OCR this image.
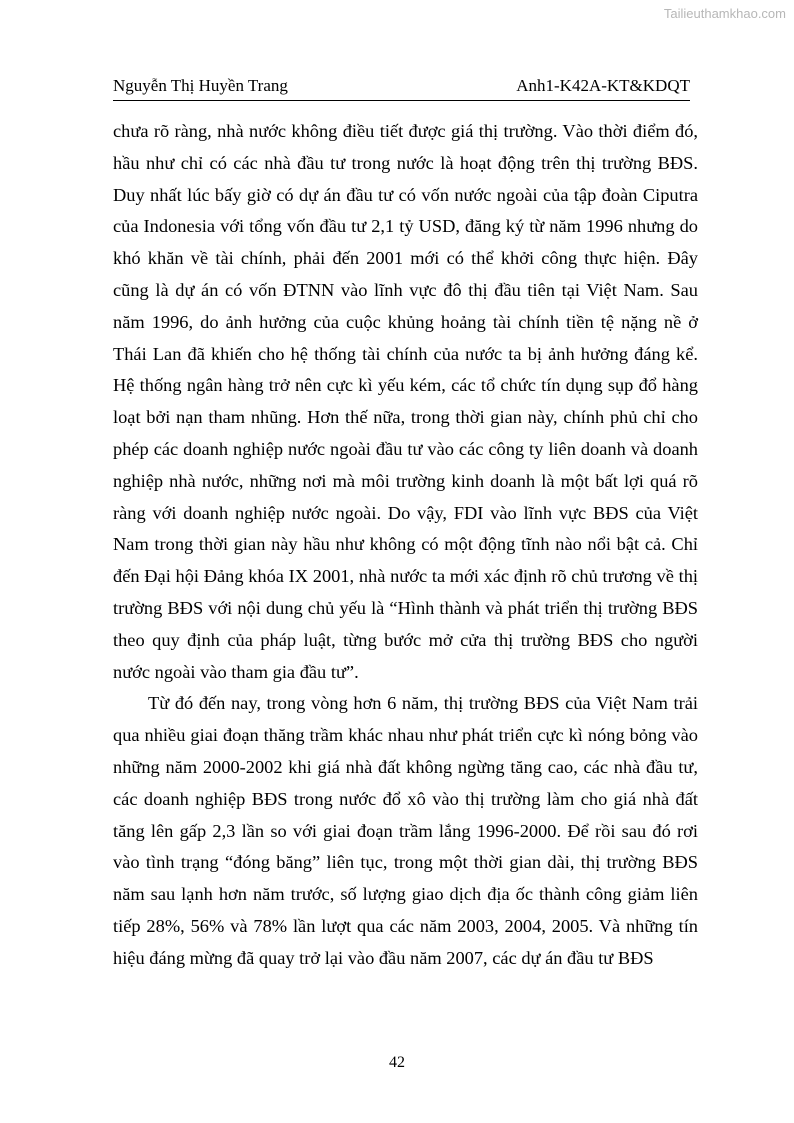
Tailieuthamkhao.com
Nguyễn Thị Huyền Trang	Anh1-K42A-KT&KDQT

chưa rõ ràng, nhà nước không điều tiết được giá thị trường. Vào thời điểm đó, hầu như chỉ có các nhà đầu tư trong nước là hoạt động trên thị trường BĐS. Duy nhất lúc bấy giờ có dự án đầu tư có vốn nước ngoài của tập đoàn Ciputra của Indonesia với tổng vốn đầu tư 2,1 tỷ USD, đăng ký từ năm 1996 nhưng do khó khăn về tài chính, phải đến 2001 mới có thể khởi công thực hiện. Đây cũng là dự án có vốn ĐTNN vào lĩnh vực đô thị đầu tiên tại Việt Nam. Sau năm 1996, do ảnh hưởng của cuộc khủng hoảng tài chính tiền tệ nặng nề ở Thái Lan đã khiến cho hệ thống tài chính của nước ta bị ảnh hưởng đáng kể. Hệ thống ngân hàng trở nên cực kì yếu kém, các tổ chức tín dụng sụp đổ hàng loạt bởi nạn tham nhũng. Hơn thế nữa, trong thời gian này, chính phủ chỉ cho phép các doanh nghiệp nước ngoài đầu tư vào các công ty liên doanh và doanh nghiệp nhà nước, những nơi mà môi trường kinh doanh là một bất lợi quá rõ ràng với doanh nghiệp nước ngoài. Do vậy, FDI vào lĩnh vực BĐS của Việt Nam trong thời gian này hầu như không có một động tĩnh nào nổi bật cả. Chỉ đến Đại hội Đảng khóa IX 2001, nhà nước ta mới xác định rõ chủ trương về thị trường BĐS với nội dung chủ yếu là “Hình thành và phát triển thị trường BĐS theo quy định của pháp luật, từng bước mở cửa thị trường BĐS cho người nước ngoài vào tham gia đầu tư”.

Từ đó đến nay, trong vòng hơn 6 năm, thị trường BĐS của Việt Nam trải qua nhiều giai đoạn thăng trầm khác nhau như phát triển cực kì nóng bỏng vào những năm 2000-2002 khi giá nhà đất không ngừng tăng cao, các nhà đầu tư, các doanh nghiệp BĐS trong nước đổ xô vào thị trường làm cho giá nhà đất tăng lên gấp 2,3 lần so với giai đoạn trầm lắng 1996-2000. Để rồi sau đó rơi vào tình trạng “đóng băng” liên tục, trong một thời gian dài, thị trường BĐS năm sau lạnh hơn năm trước, số lượng giao dịch địa ốc thành công giảm liên tiếp 28%, 56% và 78% lần lượt qua các năm 2003, 2004, 2005. Và những tín hiệu đáng mừng đã quay trở lại vào đầu năm 2007, các dự án đầu tư BĐS

42
